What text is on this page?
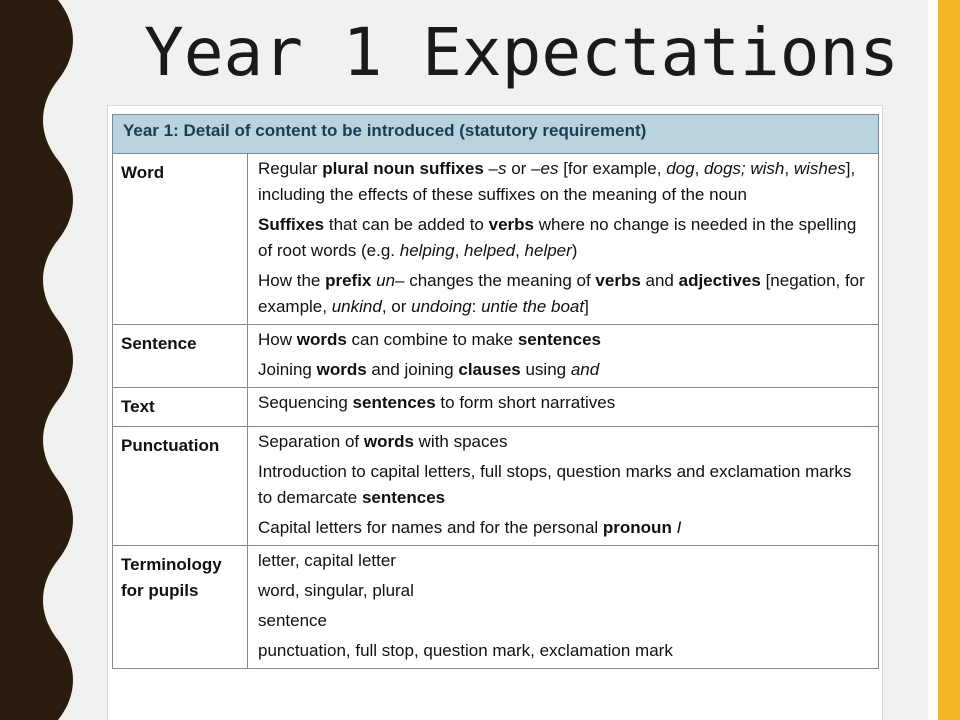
Year 1 Expectations
Year 1: Detail of content to be introduced (statutory requirement)	
Word	Regular plural noun suffixes –s or –es [for example, dog, dogs; wish, wishes], including the effects of these suffixes on the meaning of the noun
Suffixes that can be added to verbs where no change is needed in the spelling of root words (e.g. helping, helped, helper)
How the prefix un– changes the meaning of verbs and adjectives [negation, for example, unkind, or undoing: untie the boat]

Sentence	How words can combine to make sentences
Joining words and joining clauses using and

Text	Sequencing sentences to form short narratives

Punctuation	Separation of words with spaces
Introduction to capital letters, full stops, question marks and exclamation marks to demarcate sentences
Capital letters for names and for the personal pronoun I

Terminology for pupils	letter, capital letter
word, singular, plural
sentence
punctuation, full stop, question mark, exclamation mark
